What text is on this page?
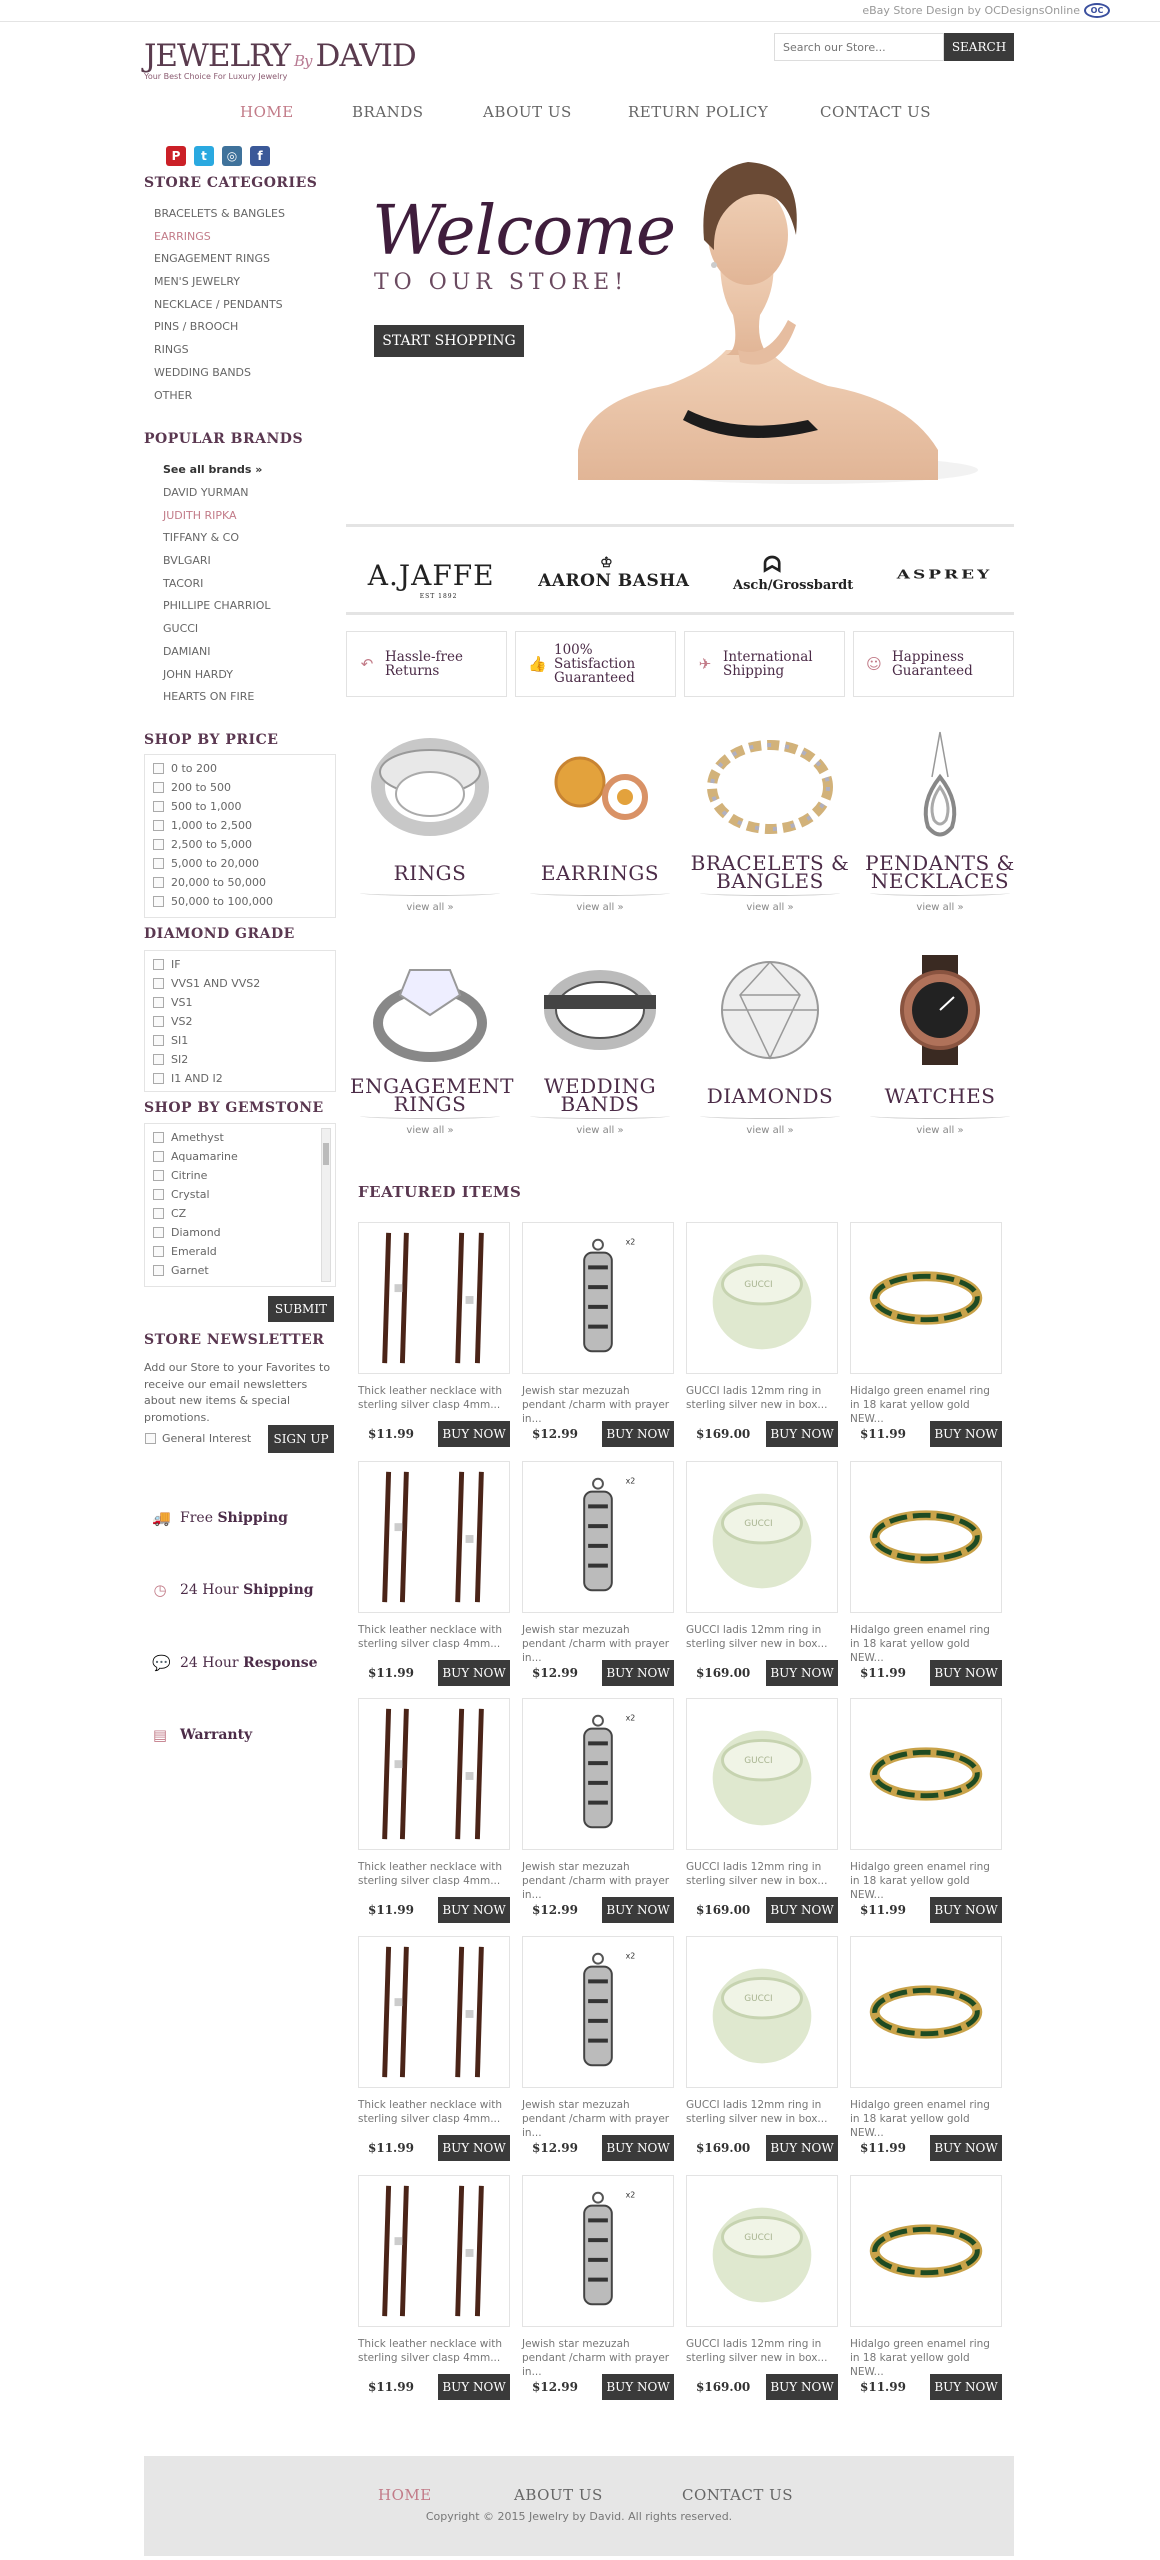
eBay Store Design by OCDesignsOnline	OC
JEWELRY By DAVID
Your Best Choice For Luxury Jewelry
Search our Store...
SEARCH
HOME	BRANDS	ABOUT US	RETURN POLICY	CONTACT US
P	t	◎	f
STORE CATEGORIES
BRACELETS & BANGLES
EARRINGS
ENGAGEMENT RINGS
MEN'S JEWELRY
NECKLACE / PENDANTS
PINS / BROOCH
RINGS
WEDDING BANDS
OTHER
POPULAR BRANDS
See all brands »
DAVID YURMAN
JUDITH RIPKA
TIFFANY & CO
BVLGARI
TACORI
PHILLIPE CHARRIOL
GUCCI
DAMIANI
JOHN HARDY
HEARTS ON FIRE
SHOP BY PRICE
0 to 200
200 to 500
500 to 1,000
1,000 to 2,500
2,500 to 5,000
5,000 to 20,000
20,000 to 50,000
50,000 to 100,000
DIAMOND GRADE
IF
VVS1 AND VVS2
VS1
VS2
SI1
SI2
I1 AND I2
SHOP BY GEMSTONE
Amethyst
Aquamarine
Citrine
Crystal
CZ
Diamond
Emerald
Garnet
SUBMIT
STORE NEWSLETTER
Add our Store to your Favorites to receive our email newsletters about new items & special promotions.
General Interest	SIGN UP
🚚 Free Shipping
◷ 24 Hour Shipping
💬 24 Hour Response
▤ Warranty
Welcome
TO OUR STORE!
START SHOPPING
A.JAFFE
EST 1892
♔
AARON BASHA
ᗣ
Asch/Grossbardt
ASPREY
↶ Hassle-free
Returns	👍
100% Satisfaction
Guaranteed
✈ International
Shipping	☺ Happiness
Guaranteed
RINGS
view all »
EARRINGS
view all »
BRACELETS & BANGLES
view all »
PENDANTS & NECKLACES
view all »
ENGAGEMENT RINGS
view all »
WEDDING BANDS
view all »
DIAMONDS
view all »
WATCHES
view all »
FEATURED ITEMS
Thick leather necklace with sterling silver clasp 4mm...
$11.99	BUY NOW
x2
Jewish star mezuzah pendant /charm with prayer in...
$12.99	BUY NOW
GUCCI
GUCCI ladis 12mm ring in sterling silver new in box...
$169.00	BUY NOW
Hidalgo green enamel ring in 18 karat yellow gold NEW...
$11.99	BUY NOW
Thick leather necklace with sterling silver clasp 4mm...
$11.99	BUY NOW
x2
Jewish star mezuzah pendant /charm with prayer in...
$12.99	BUY NOW
GUCCI
GUCCI ladis 12mm ring in sterling silver new in box...
$169.00	BUY NOW
Hidalgo green enamel ring in 18 karat yellow gold NEW...
$11.99	BUY NOW
Thick leather necklace with sterling silver clasp 4mm...
$11.99	BUY NOW
x2
Jewish star mezuzah pendant /charm with prayer in...
$12.99	BUY NOW
GUCCI
GUCCI ladis 12mm ring in sterling silver new in box...
$169.00	BUY NOW
Hidalgo green enamel ring in 18 karat yellow gold NEW...
$11.99	BUY NOW
Thick leather necklace with sterling silver clasp 4mm...
$11.99	BUY NOW
x2
Jewish star mezuzah pendant /charm with prayer in...
$12.99	BUY NOW
GUCCI
GUCCI ladis 12mm ring in sterling silver new in box...
$169.00	BUY NOW
Hidalgo green enamel ring in 18 karat yellow gold NEW...
$11.99	BUY NOW
Thick leather necklace with sterling silver clasp 4mm...
$11.99	BUY NOW
x2
Jewish star mezuzah pendant /charm with prayer in...
$12.99	BUY NOW
GUCCI
GUCCI ladis 12mm ring in sterling silver new in box...
$169.00	BUY NOW
Hidalgo green enamel ring in 18 karat yellow gold NEW...
$11.99	BUY NOW
HOME	ABOUT US	CONTACT US
Copyright © 2015 Jewelry by David. All rights reserved.
